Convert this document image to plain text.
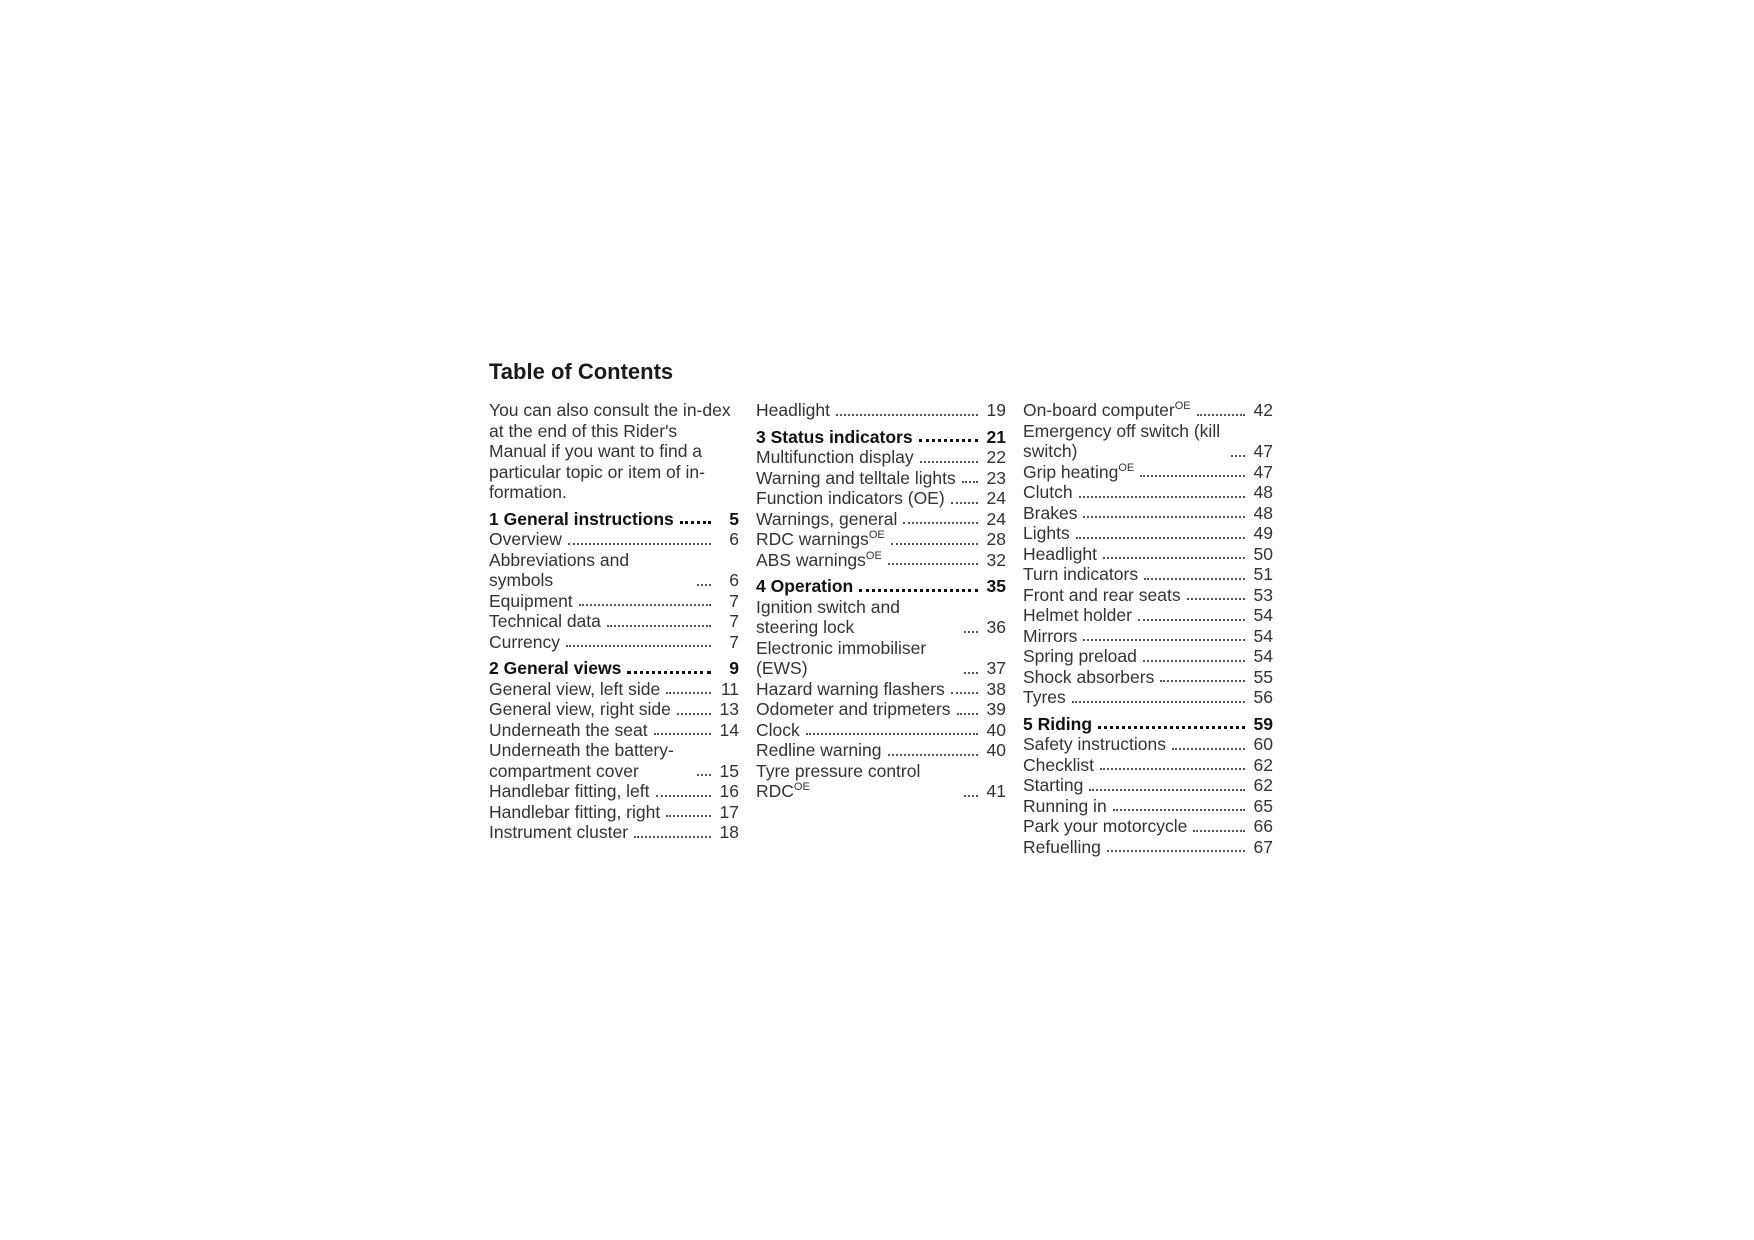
Table of Contents

You can also consult the in-dex at the end of this Rider's Manual if you want to find a particular topic or item of in-formation.

1 General instructions	5
Overview	6
Abbreviations and symbols	6
Equipment	7
Technical data	7
Currency	7
2 General views	9
General view, left side	11
General view, right side	13
Underneath the seat	14
Underneath the battery-compartment cover	15
Handlebar fitting, left	16
Handlebar fitting, right	17
Instrument cluster	18
Headlight	19
3 Status indicators	21
Multifunction display	22
Warning and telltale lights 23
Function indicators (OE) 24
Warnings, general	24
RDC warnings$^{OE}$	28
ABS warnings$^{OE}$	32
4 Operation	35
Ignition switch and steering lock	36
Electronic immobiliser (EWS)	37
Hazard warning flashers 38
Odometer and tripmeters 39
Clock	40
Redline warning	40
Tyre pressure control $RDC^{OE}$	41
On-board computer$^{OE}$	42
Emergency off switch (kill switch)	47
Grip heating$^{OE}$	47
Clutch	48
Brakes	48
Lights	49
Headlight	50
Turn indicators	51
Front and rear seats	53
Helmet holder	54
Mirrors	54
Spring preload	54
Shock absorbers	55
Tyres	56
5 Riding	59
Safety instructions	60
Checklist	62
Starting	62
Running in	65
Park your motorcycle	66
Refuelling	67
